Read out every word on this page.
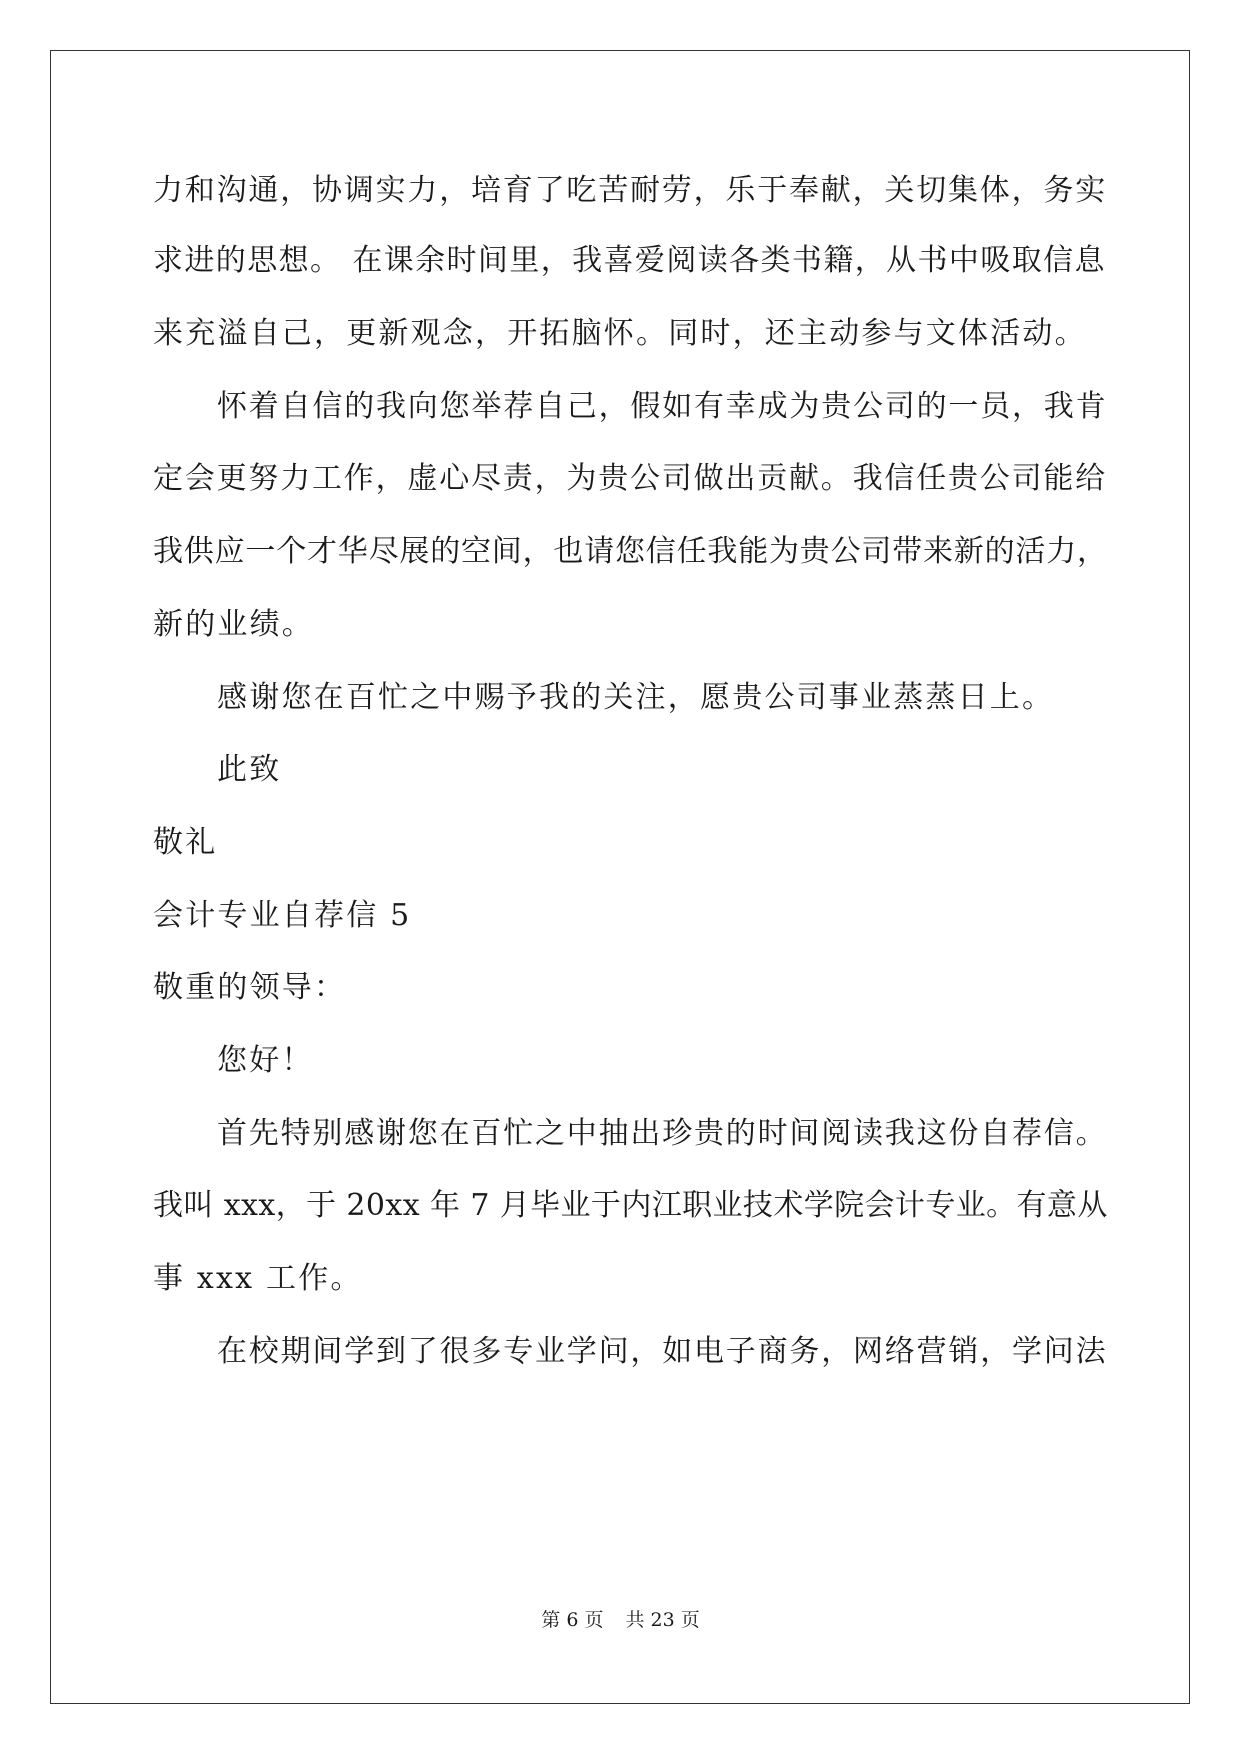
力和沟通，协调实力，培育了吃苦耐劳，乐于奉献，关切集体，务实
求进的思想。 在课余时间里，我喜爱阅读各类书籍，从书中吸取信息
来充溢自己，更新观念，开拓脑怀。同时，还主动参与文体活动。
怀着自信的我向您举荐自己，假如有幸成为贵公司的一员，我肯
定会更努力工作，虚心尽责，为贵公司做出贡献。我信任贵公司能给
我供应一个才华尽展的空间，也请您信任我能为贵公司带来新的活力，
新的业绩。
感谢您在百忙之中赐予我的关注，愿贵公司事业蒸蒸日上。
此致
敬礼
会计专业自荐信 5
敬重的领导：
您好！
首先特别感谢您在百忙之中抽出珍贵的时间阅读我这份自荐信。
我叫 xxx，于 20xx 年 7 月毕业于内江职业技术学院会计专业。有意从
事 xxx 工作。
在校期间学到了很多专业学问，如电子商务，网络营销，学问法
第 6 页 共 23 页
